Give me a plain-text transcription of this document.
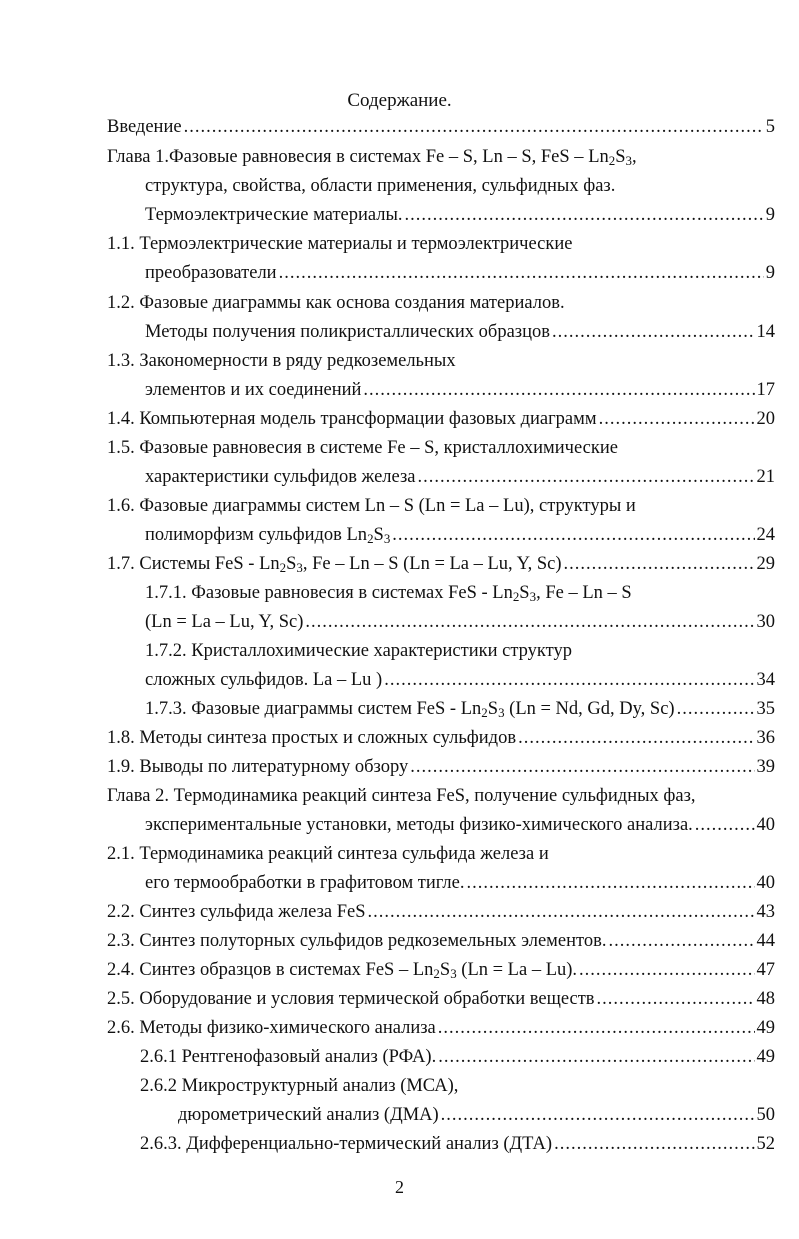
Содержание.
Введение .....	5
Глава 1.Фазовые равновесия в системах Fe – S, Ln – S, FeS – $Ln_2S_3$,
структура, свойства, области применения, сульфидных фаз.
Термоэлектрические материалы. .....	9
1.1. Термоэлектрические материалы и термоэлектрические
преобразователи .....	9
1.2. Фазовые диаграммы как основа создания материалов.
Методы получения поликристаллических образцов .....	14
1.3. Закономерности в ряду редкоземельных
элементов и их соединений .....	17
1.4. Компьютерная модель трансформации фазовых диаграмм .....	20
1.5. Фазовые равновесия в системе Fe – S, кристаллохимические
характеристики сульфидов железа .....	21
1.6. Фазовые диаграммы систем Ln – S (Ln = La – Lu), структуры и
полиморфизм сульфидов $Ln_2S_3$ .....	24
1.7. Системы FeS - $Ln_2S_3$, Fe – Ln – S (Ln = La – Lu, Y, Sc) .....	29
1.7.1. Фазовые равновесия в системах FeS - $Ln_2S_3$, Fe – Ln – S
(Ln = La – Lu, Y, Sc) .....	30
1.7.2. Кристаллохимические характеристики структур
сложных сульфидов. La – Lu ) .....	34
1.7.3. Фазовые диаграммы систем FeS - $Ln_2S_3$ (Ln = Nd, Gd, Dy, Sc) .....	35
1.8. Методы синтеза простых и сложных сульфидов .....	36
1.9. Выводы по литературному обзору .....	39
Глава 2. Термодинамика реакций синтеза FeS, получение сульфидных фаз,
экспериментальные установки, методы физико-химического анализа. .....	40
2.1. Термодинамика реакций синтеза сульфида железа и
его термообработки в графитовом тигле. .....	40
2.2. Синтез сульфида железа FeS .....	43
2.3. Синтез полуторных сульфидов редкоземельных элементов. .....	44
2.4. Синтез образцов в системах FeS – $Ln_2S_3$ (Ln = La – Lu). .....	47
2.5. Оборудование и условия термической обработки веществ .....	48
2.6. Методы физико-химического анализа .....	49
2.6.1 Рентгенофазовый анализ (РФА). .....	49
2.6.2 Микроструктурный анализ (МСА),
дюрометрический анализ (ДМА) .....	50
2.6.3. Дифференциально-термический анализ (ДТА) .....	52
2
